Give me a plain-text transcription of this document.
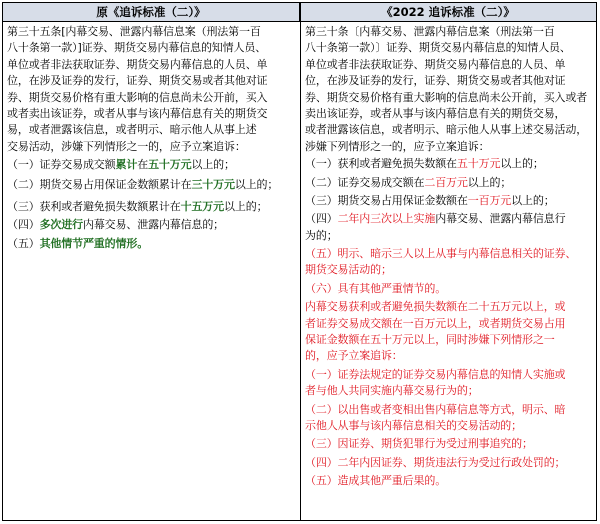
原《追诉标准（二）》	《2022 追诉标准（二）》
第三十五条[内幕交易、泄露内幕信息案（刑法第一百
八十条第一款）]证券、期货交易内幕信息的知情人员、
单位或者非法获取证券、期货交易内幕信息的人员、单
位，在涉及证券的发行，证券、期货交易或者其他对证
券、期货交易价格有重大影响的信息尚未公开前，买入
或者卖出该证券，或者从事与该内幕信息有关的期货交
易，或者泄露该信息，或者明示、暗示他人从事上述
交易活动，涉嫌下列情形之一的，应予立案追诉：
（一）证券交易成交额累计在五十万元以上的；
（二）期货交易占用保证金数额累计在三十万元以上的；
（三）获利或者避免损失数额累计在十五万元以上的；
（四）多次进行内幕交易、泄露内幕信息的；
（五）其他情节严重的情形。
第三十条〔内幕交易、泄露内幕信息案（刑法第一百
八十条第一款）〕证券、期货交易内幕信息的知情人员、
单位或者非法获取证券、期货交易内幕信息的人员、单
位，在涉及证券的发行，证券、期货交易或者其他对证
券、期货交易价格有重大影响的信息尚未公开前，买入或者
卖出该证券，或者从事与该内幕信息有关的期货交易，
或者泄露该信息，或者明示、暗示他人从事上述交易活动，
涉嫌下列情形之一的，应予立案追诉：
（一）获利或者避免损失数额在五十万元以上的；
（二）证券交易成交额在二百万元以上的；
（三）期货交易占用保证金数额在一百万元以上的；
（四）二年内三次以上实施内幕交易、泄露内幕信息行
为的；
（五）明示、暗示三人以上从事与内幕信息相关的证券、
期货交易活动的；
（六）具有其他严重情节的。
内幕交易获利或者避免损失数额在二十五万元以上，或
者证券交易成交额在一百万元以上，或者期货交易占用
保证金数额在五十万元以上，同时涉嫌下列情形之一
的，应予立案追诉：
（一）证券法规定的证券交易内幕信息的知情人实施或
者与他人共同实施内幕交易行为的；
（二）以出售或者变相出售内幕信息等方式，明示、暗
示他人从事与该内幕信息相关的交易活动的；
（三）因证券、期货犯罪行为受过刑事追究的；
（四）二年内因证券、期货违法行为受过行政处罚的；
（五）造成其他严重后果的。
